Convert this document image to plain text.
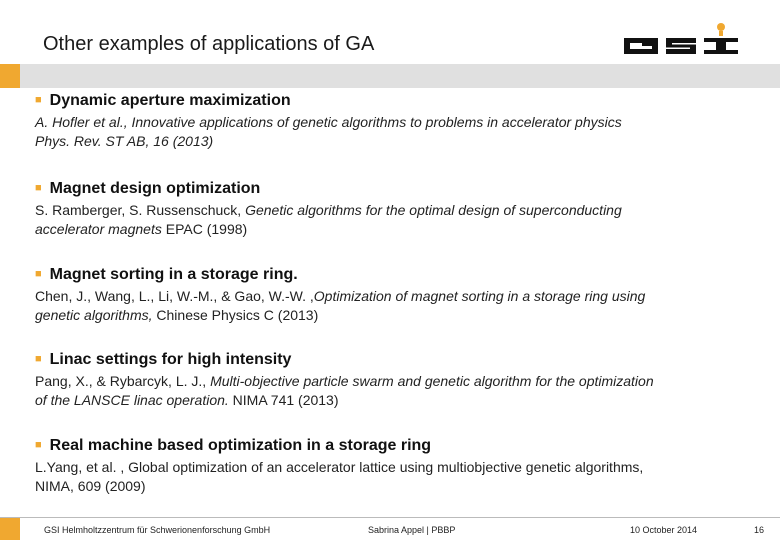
Other examples of applications of GA
■ Dynamic aperture maximization
A. Hofler et al., Innovative applications of genetic algorithms to problems in accelerator physics
Phys. Rev. ST AB, 16 (2013)
■ Magnet design optimization
S. Ramberger, S. Russenschuck, Genetic algorithms for the optimal design of superconducting
accelerator magnets EPAC (1998)
■ Magnet sorting in a storage ring.
Chen, J., Wang, L., Li, W.-M., & Gao, W.-W. ,Optimization of magnet sorting in a storage ring using
genetic algorithms, Chinese Physics C (2013)
■ Linac settings for high intensity
Pang, X., & Rybarcyk, L. J., Multi-objective particle swarm and genetic algorithm for the optimization
of the LANSCE linac operation. NIMA 741 (2013)
■ Real machine based optimization in a storage ring
L.Yang, et al. , Global optimization of an accelerator lattice using multiobjective genetic algorithms,
NIMA, 609 (2009)
GSI Helmholtzzentrum für Schwerionenforschung GmbH	Sabrina Appel | PBBP	10 October 2014	16
